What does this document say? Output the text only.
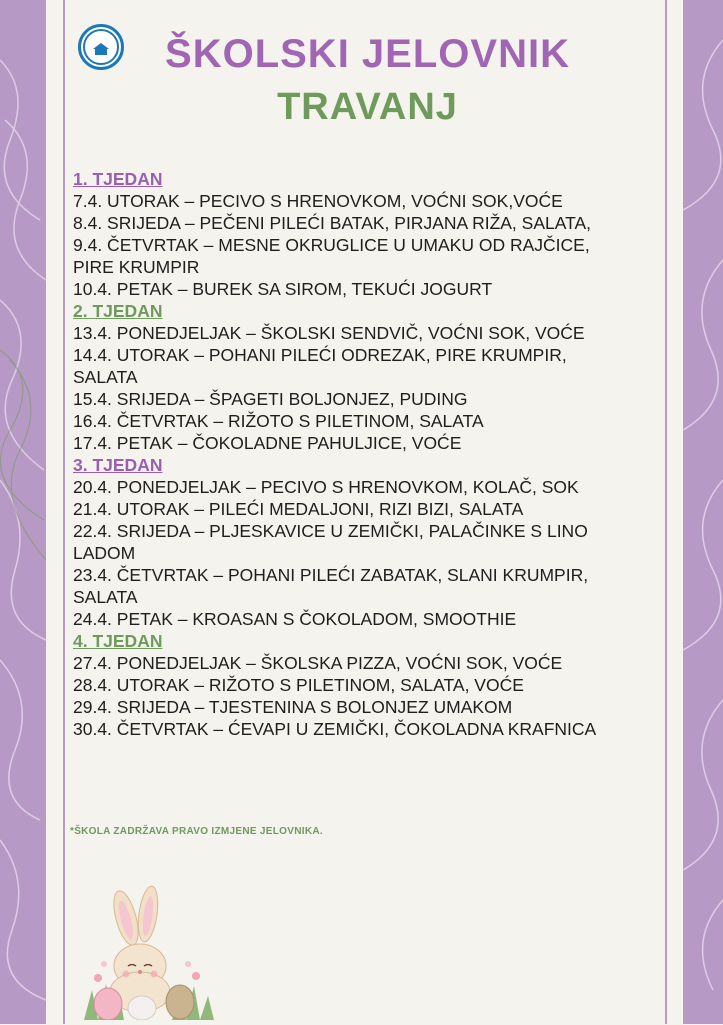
ŠKOLSKI JELOVNIK
TRAVANJ
1. TJEDAN
7.4. UTORAK – PECIVO S HRENOVKOM, VOĆNI SOK,VOĆE
8.4. SRIJEDA – PEČENI PILEĆI BATAK, PIRJANA RIŽA, SALATA,
9.4. ČETVRTAK – MESNE OKRUGLICE U UMAKU OD RAJČICE,
PIRE KRUMPIR
10.4. PETAK – BUREK SA SIROM, TEKUĆI JOGURT
2. TJEDAN
13.4. PONEDJELJAK – ŠKOLSKI SENDVIČ, VOĆNI SOK, VOĆE
14.4. UTORAK – POHANI PILEĆI ODREZAK, PIRE KRUMPIR,
SALATA
15.4. SRIJEDA – ŠPAGETI BOLJONJEZ, PUDING
16.4. ČETVRTAK – RIŽOTO S PILETINOM, SALATA
17.4. PETAK – ČOKOLADNE PAHULJICE, VOĆE
3. TJEDAN
20.4. PONEDJELJAK – PECIVO S HRENOVKOM, KOLAČ, SOK
21.4. UTORAK – PILEĆI MEDALJONI, RIZI BIZI, SALATA
22.4. SRIJEDA – PLJESKAVICE U ZEMIČKI, PALAČINKE S LINO
LADOM
23.4. ČETVRTAK – POHANI PILEĆI ZABATAK, SLANI KRUMPIR,
SALATA
24.4. PETAK – KROASAN S ČOKOLADOM, SMOOTHIE
4. TJEDAN
27.4. PONEDJELJAK – ŠKOLSKA PIZZA, VOĆNI SOK, VOĆE
28.4. UTORAK – RIŽOTO S PILETINOM, SALATA, VOĆE
29.4. SRIJEDA – TJESTENINA S BOLONJEZ UMAKOM
30.4. ČETVRTAK – ĆEVAPI U ZEMIČKI, ČOKOLADNA KRAFNICA
*ŠKOLA ZADRŽAVA PRAVO IZMJENE JELOVNIKA.
